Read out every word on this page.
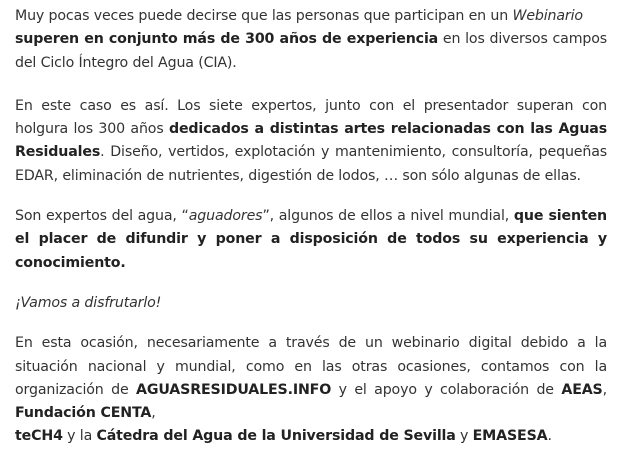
Muy pocas veces puede decirse que las personas que participan en un Webinario
superen en conjunto más de 300 años de experiencia en los diversos campos del Ciclo Íntegro del Agua (CIA).

En este caso es así. Los siete expertos, junto con el presentador superan con holgura los 300 años dedicados a distintas artes relacionadas con las Aguas Residuales. Diseño, vertidos, explotación y mantenimiento, consultoría, pequeñas EDAR, eliminación de nutrientes, digestión de lodos, … son sólo algunas de ellas.

Son expertos del agua, “aguadores”, algunos de ellos a nivel mundial, que sienten el placer de difundir y poner a disposición de todos su experiencia y conocimiento.

¡Vamos a disfrutarlo!

En esta ocasión, necesariamente a través de un webinario digital debido a la situación nacional y mundial, como en las otras ocasiones, contamos con la organización de AGUASRESIDUALES.INFO y el apoyo y colaboración de AEAS, Fundación CENTA,
teCH4 y la Cátedra del Agua de la Universidad de Sevilla y EMASESA.
